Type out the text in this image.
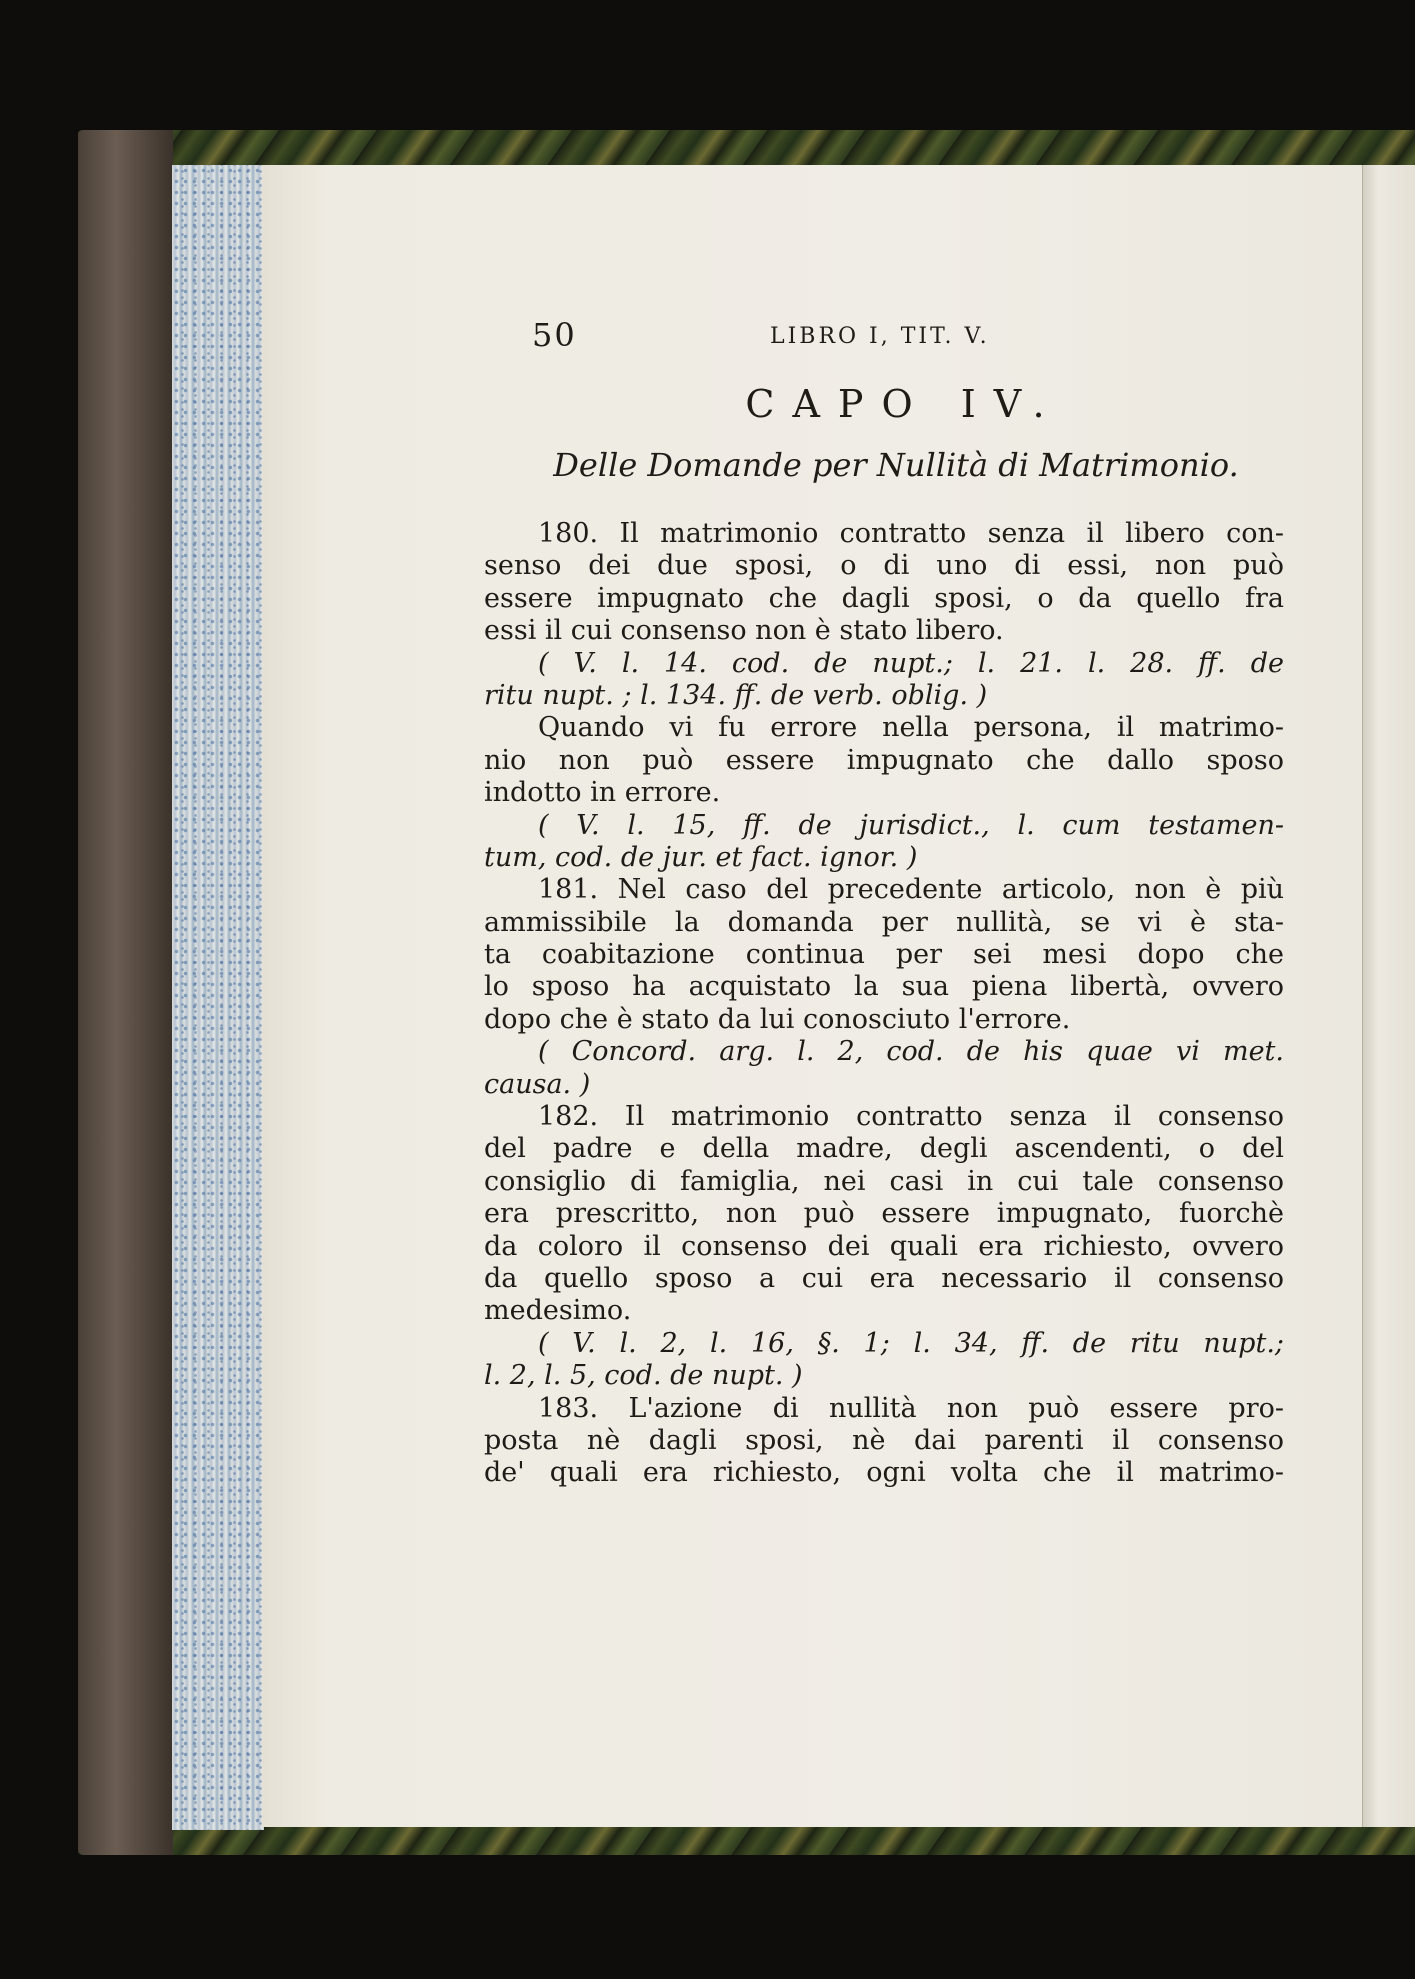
50	LIBRO I, TIT. V.
CAPO IV.
Delle Domande per Nullità di Matrimonio.
180. Il matrimonio contratto senza il libero con-
senso dei due sposi, o di uno di essi, non può
essere impugnato che dagli sposi, o da quello fra
essi il cui consenso non è stato libero.
( V. l. 14. cod. de nupt.; l. 21. l. 28. ff. de
ritu nupt. ; l. 134. ff. de verb. oblig. )
Quando vi fu errore nella persona, il matrimo-
nio non può essere impugnato che dallo sposo
indotto in errore.
( V. l. 15, ff. de jurisdict., l. cum testamen-
tum, cod. de jur. et fact. ignor. )
181. Nel caso del precedente articolo, non è più
ammissibile la domanda per nullità, se vi è sta-
ta coabitazione continua per sei mesi dopo che
lo sposo ha acquistato la sua piena libertà, ovvero
dopo che è stato da lui conosciuto l'errore.
( Concord. arg. l. 2, cod. de his quae vi met.
causa. )
182. Il matrimonio contratto senza il consenso
del padre e della madre, degli ascendenti, o del
consiglio di famiglia, nei casi in cui tale consenso
era prescritto, non può essere impugnato, fuorchè
da coloro il consenso dei quali era richiesto, ovvero
da quello sposo a cui era necessario il consenso
medesimo.
( V. l. 2, l. 16, §. 1; l. 34, ff. de ritu nupt.;
l. 2, l. 5, cod. de nupt. )
183. L'azione di nullità non può essere pro-
posta nè dagli sposi, nè dai parenti il consenso
de' quali era richiesto, ogni volta che il matrimo-
